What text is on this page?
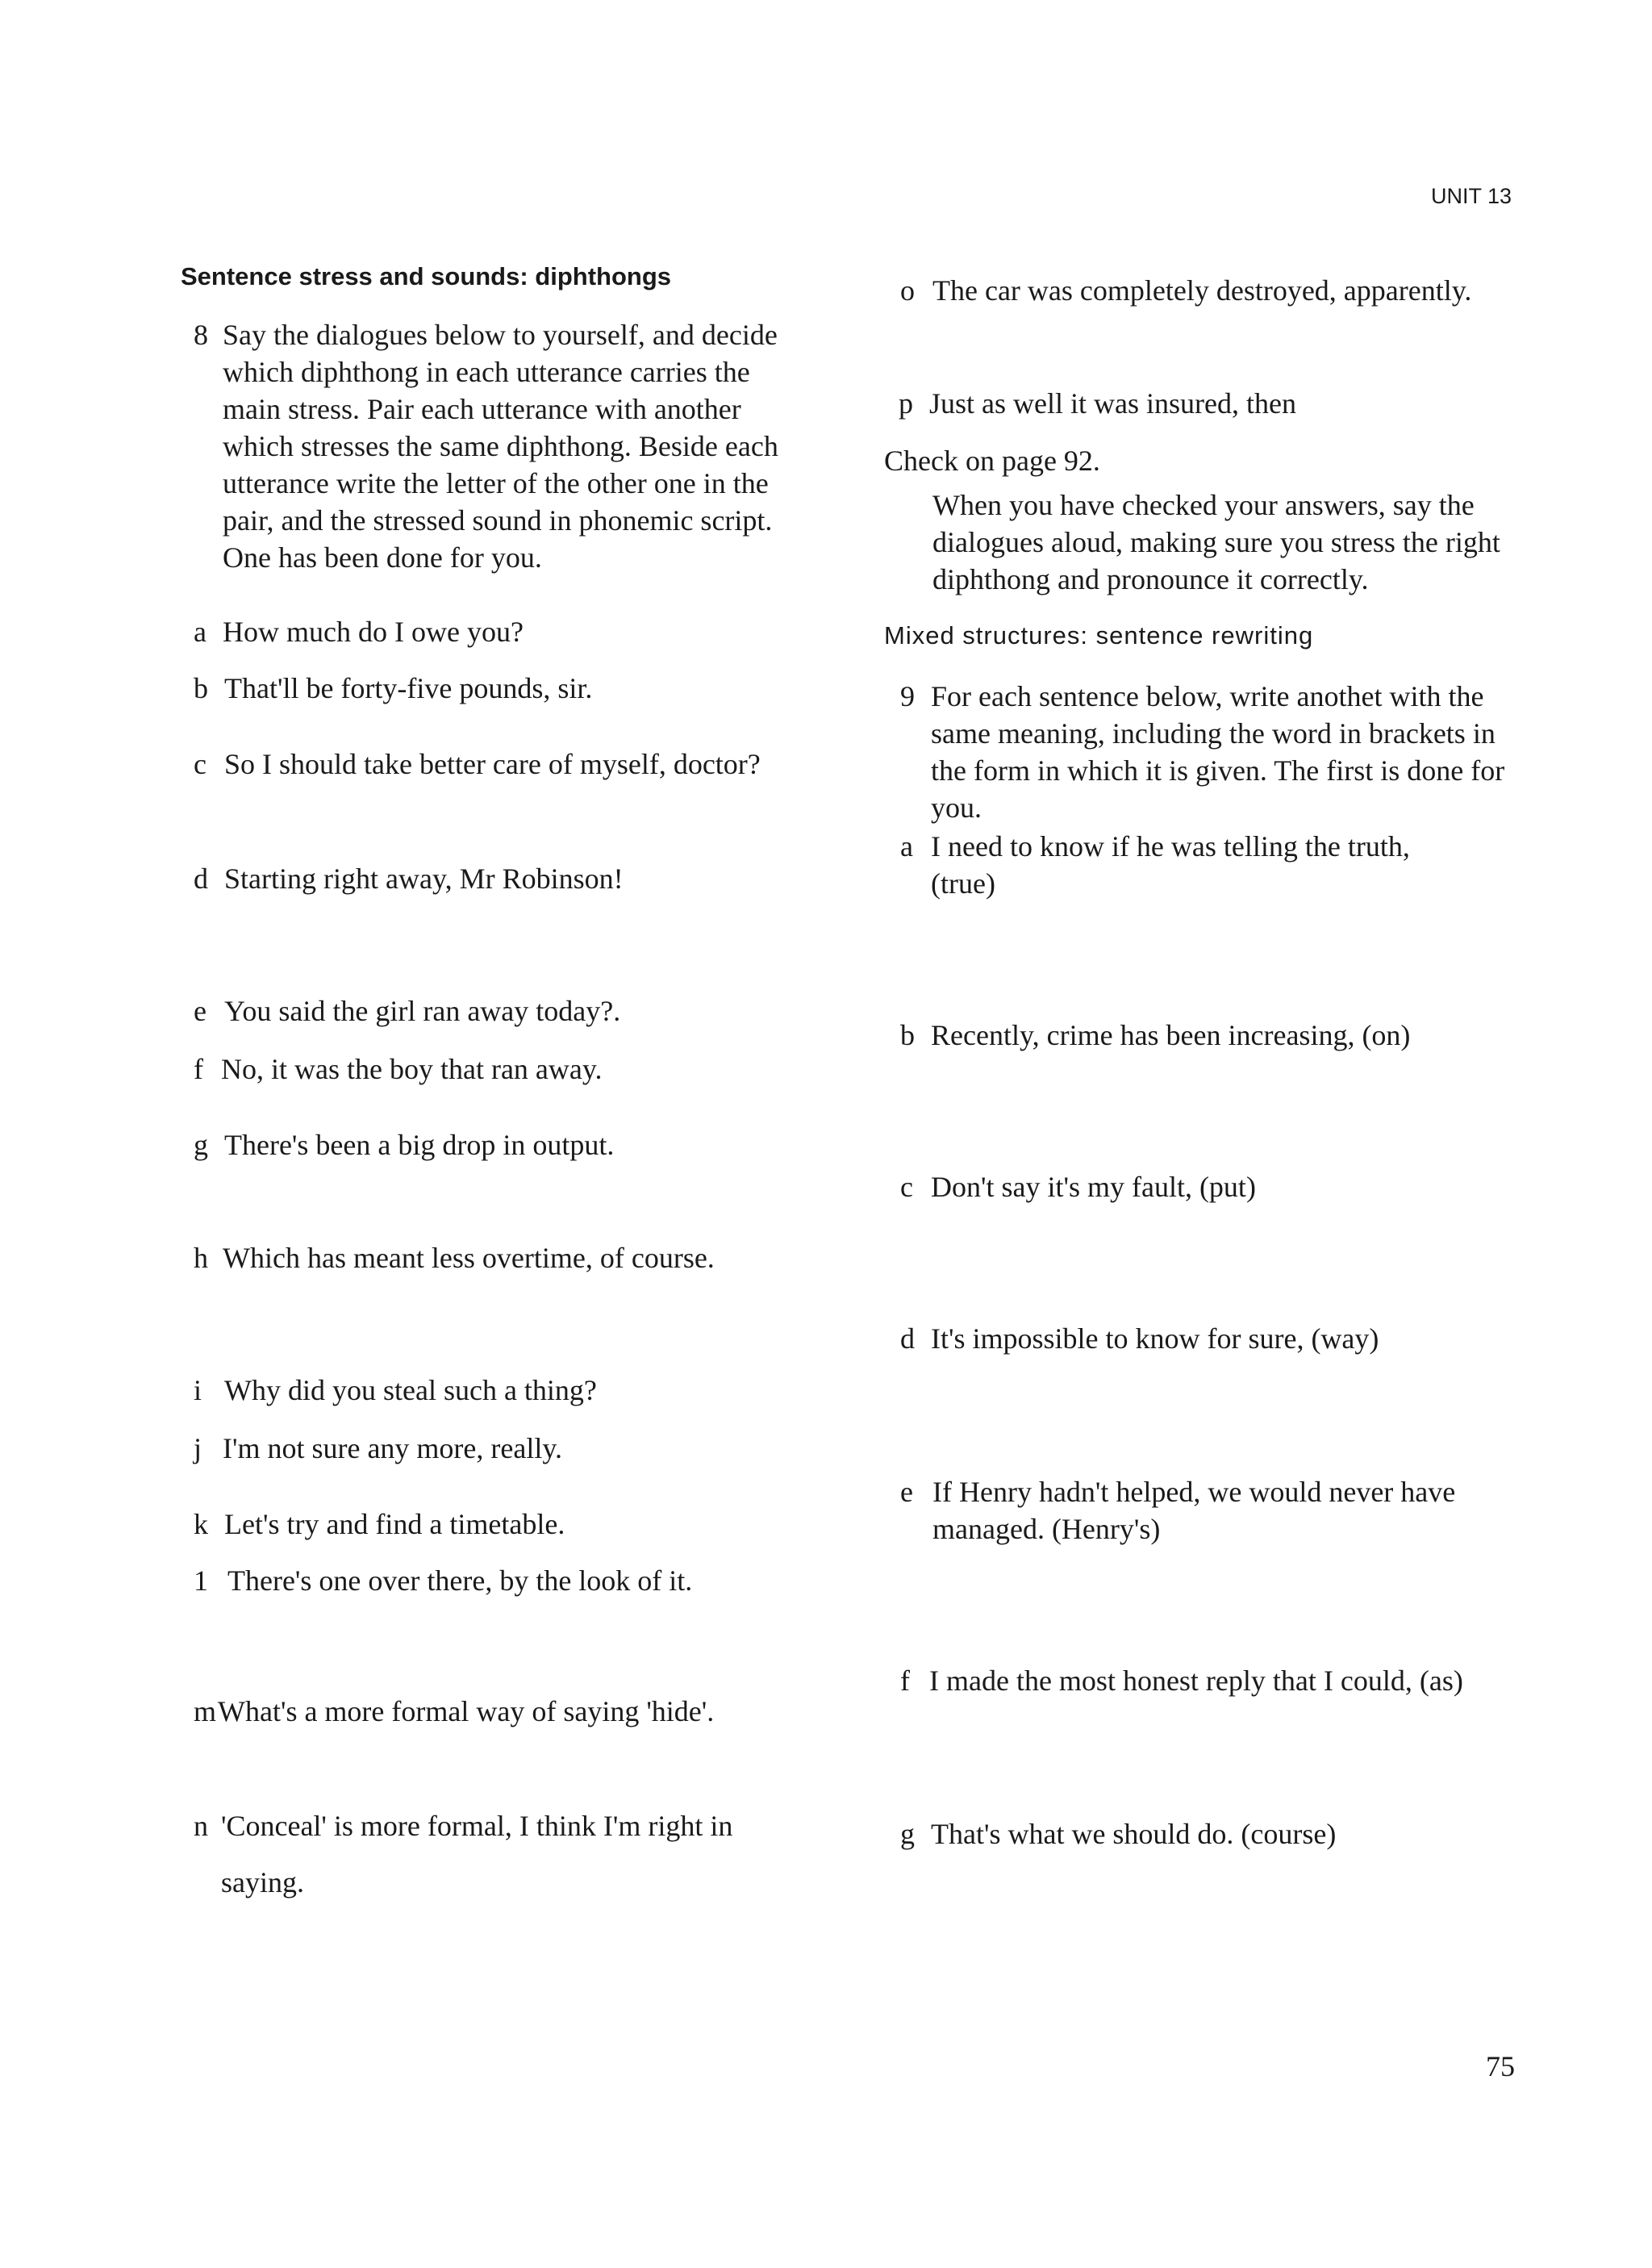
UNIT 13
Sentence stress and sounds: diphthongs
8 Say the dialogues below to yourself, and decide
which diphthong in each utterance carries the
main stress. Pair each utterance with another
which stresses the same diphthong. Beside each
utterance write the letter of the other one in the
pair, and the stressed sound in phonemic script.
One has been done for you.
a How much do I owe you?
b That'll be forty-five pounds, sir.
c So I should take better care of myself, doctor?
d Starting right away, Mr Robinson!
e You said the girl ran away today?.
f No, it was the boy that ran away.
g There's been a big drop in output.
h Which has meant less overtime, of course.
i Why did you steal such a thing?
j I'm not sure any more, really.
k Let's try and find a timetable.
1 There's one over there, by the look of it.
m What's a more formal way of saying 'hide'.
n 'Conceal' is more formal, I think I'm right in
saying.
o The car was completely destroyed, apparently.
p Just as well it was insured, then
Check on page 92.
When you have checked your answers, say the
dialogues aloud, making sure you stress the right
diphthong and pronounce it correctly.
Mixed structures: sentence rewriting
9 For each sentence below, write anothet with the
same meaning, including the word in brackets in
the form in which it is given. The first is done for
you.
a I need to know if he was telling the truth,
(true)
b Recently, crime has been increasing, (on)
c Don't say it's my fault, (put)
d It's impossible to know for sure, (way)
e If Henry hadn't helped, we would never have
managed. (Henry's)
f I made the most honest reply that I could, (as)
g That's what we should do. (course)
75
